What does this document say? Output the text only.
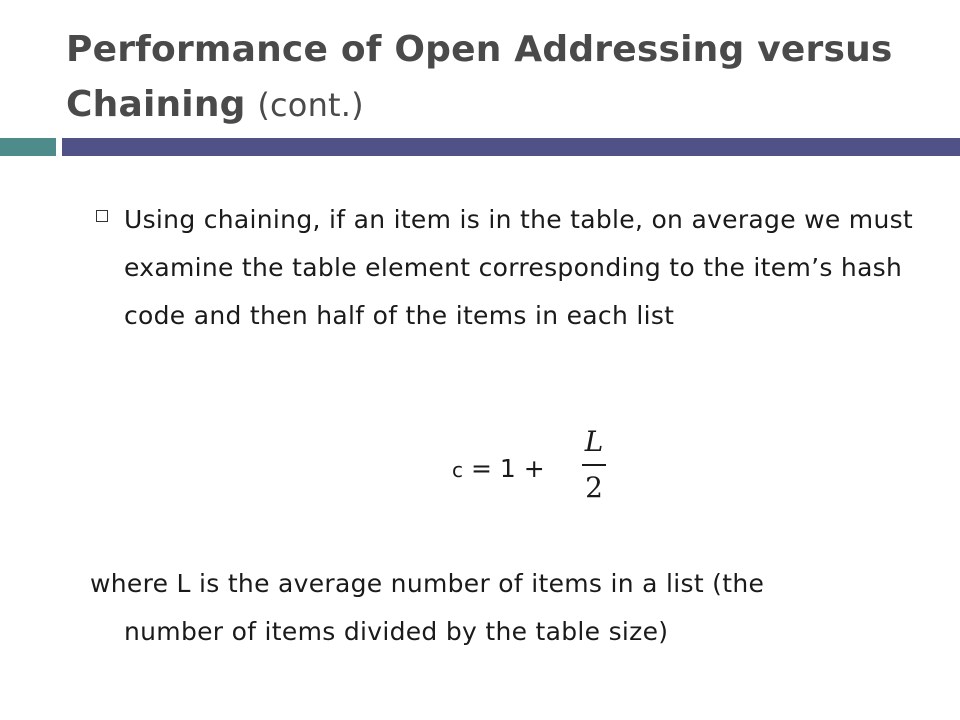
Performance of Open Addressing versus Chaining (cont.)
Using chaining, if an item is in the table, on average we must examine the table element corresponding to the item’s hash code and then half of the items in each list
c = 1 +
L
2
where L is the average number of items in a list (the
number of items divided by the table size)
